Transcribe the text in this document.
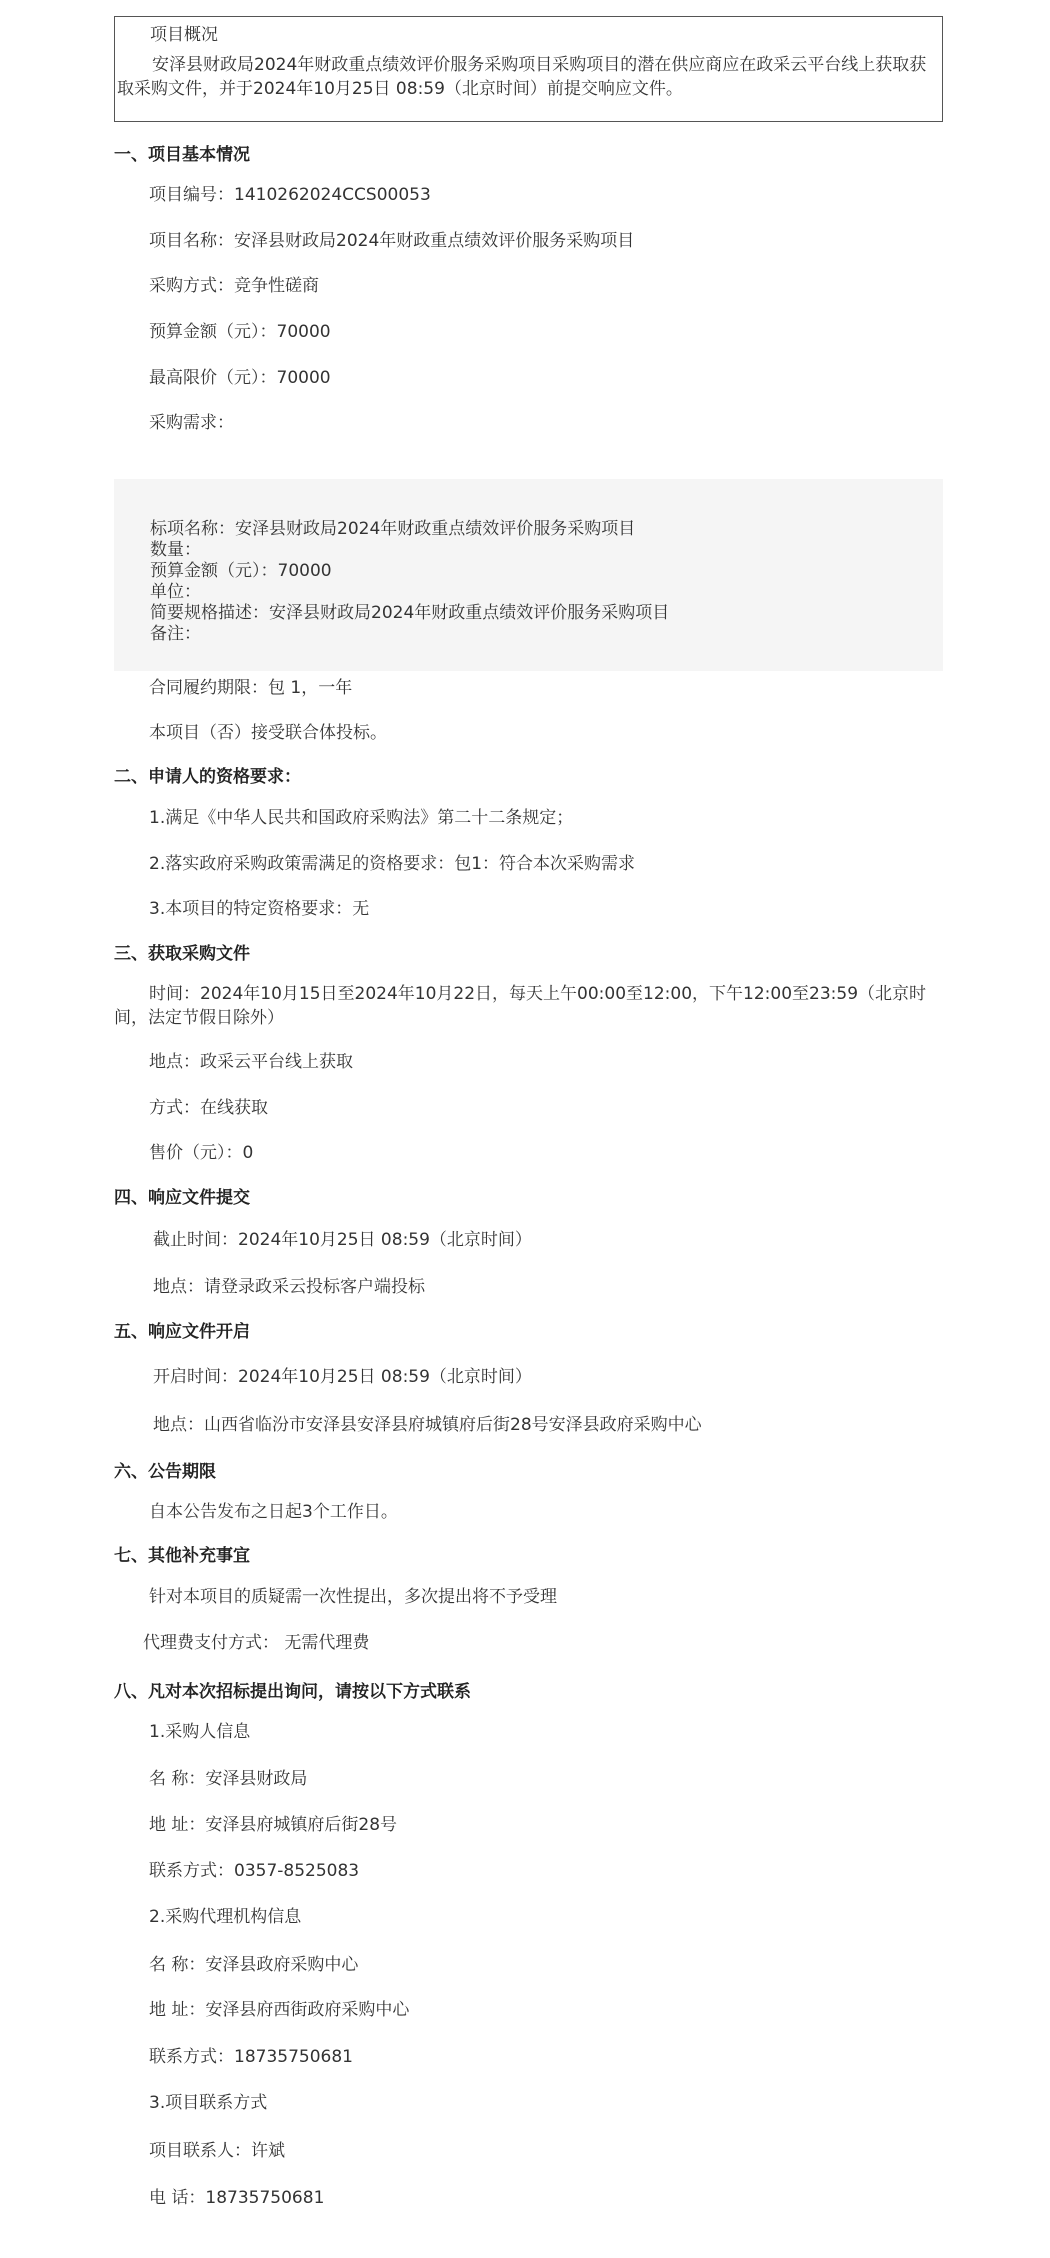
项目概况
安泽县财政局2024年财政重点绩效评价服务采购项目采购项目的潜在供应商应在政采云平台线上获取获取采购文件，并于2024年10月25日 08:59（北京时间）前提交响应文件。
一、项目基本情况
项目编号：1410262024CCS00053
项目名称：安泽县财政局2024年财政重点绩效评价服务采购项目
采购方式：竞争性磋商
预算金额（元）：70000
最高限价（元）：70000
采购需求：
标项名称：安泽县财政局2024年财政重点绩效评价服务采购项目
数量：
预算金额（元）：70000
单位：
简要规格描述：安泽县财政局2024年财政重点绩效评价服务采购项目
备注：
合同履约期限：包 1，一年
本项目（否）接受联合体投标。
二、申请人的资格要求：
1.满足《中华人民共和国政府采购法》第二十二条规定；
2.落实政府采购政策需满足的资格要求：包1：符合本次采购需求
3.本项目的特定资格要求：无
三、获取采购文件
时间：2024年10月15日至2024年10月22日，每天上午00:00至12:00，下午12:00至23:59（北京时间，法定节假日除外）
地点：政采云平台线上获取
方式：在线获取
售价（元）：0
四、响应文件提交
截止时间：2024年10月25日 08:59（北京时间）
地点：请登录政采云投标客户端投标
五、响应文件开启
开启时间：2024年10月25日 08:59（北京时间）
地点：山西省临汾市安泽县安泽县府城镇府后街28号安泽县政府采购中心
六、公告期限
自本公告发布之日起3个工作日。
七、其他补充事宜
针对本项目的质疑需一次性提出，多次提出将不予受理
代理费支付方式： 无需代理费
八、凡对本次招标提出询问，请按以下方式联系
1.采购人信息
名 称：安泽县财政局
地 址：安泽县府城镇府后街28号
联系方式：0357-8525083
2.采购代理机构信息
名 称：安泽县政府采购中心
地 址：安泽县府西街政府采购中心
联系方式：18735750681
3.项目联系方式
项目联系人：许斌
电 话：18735750681
